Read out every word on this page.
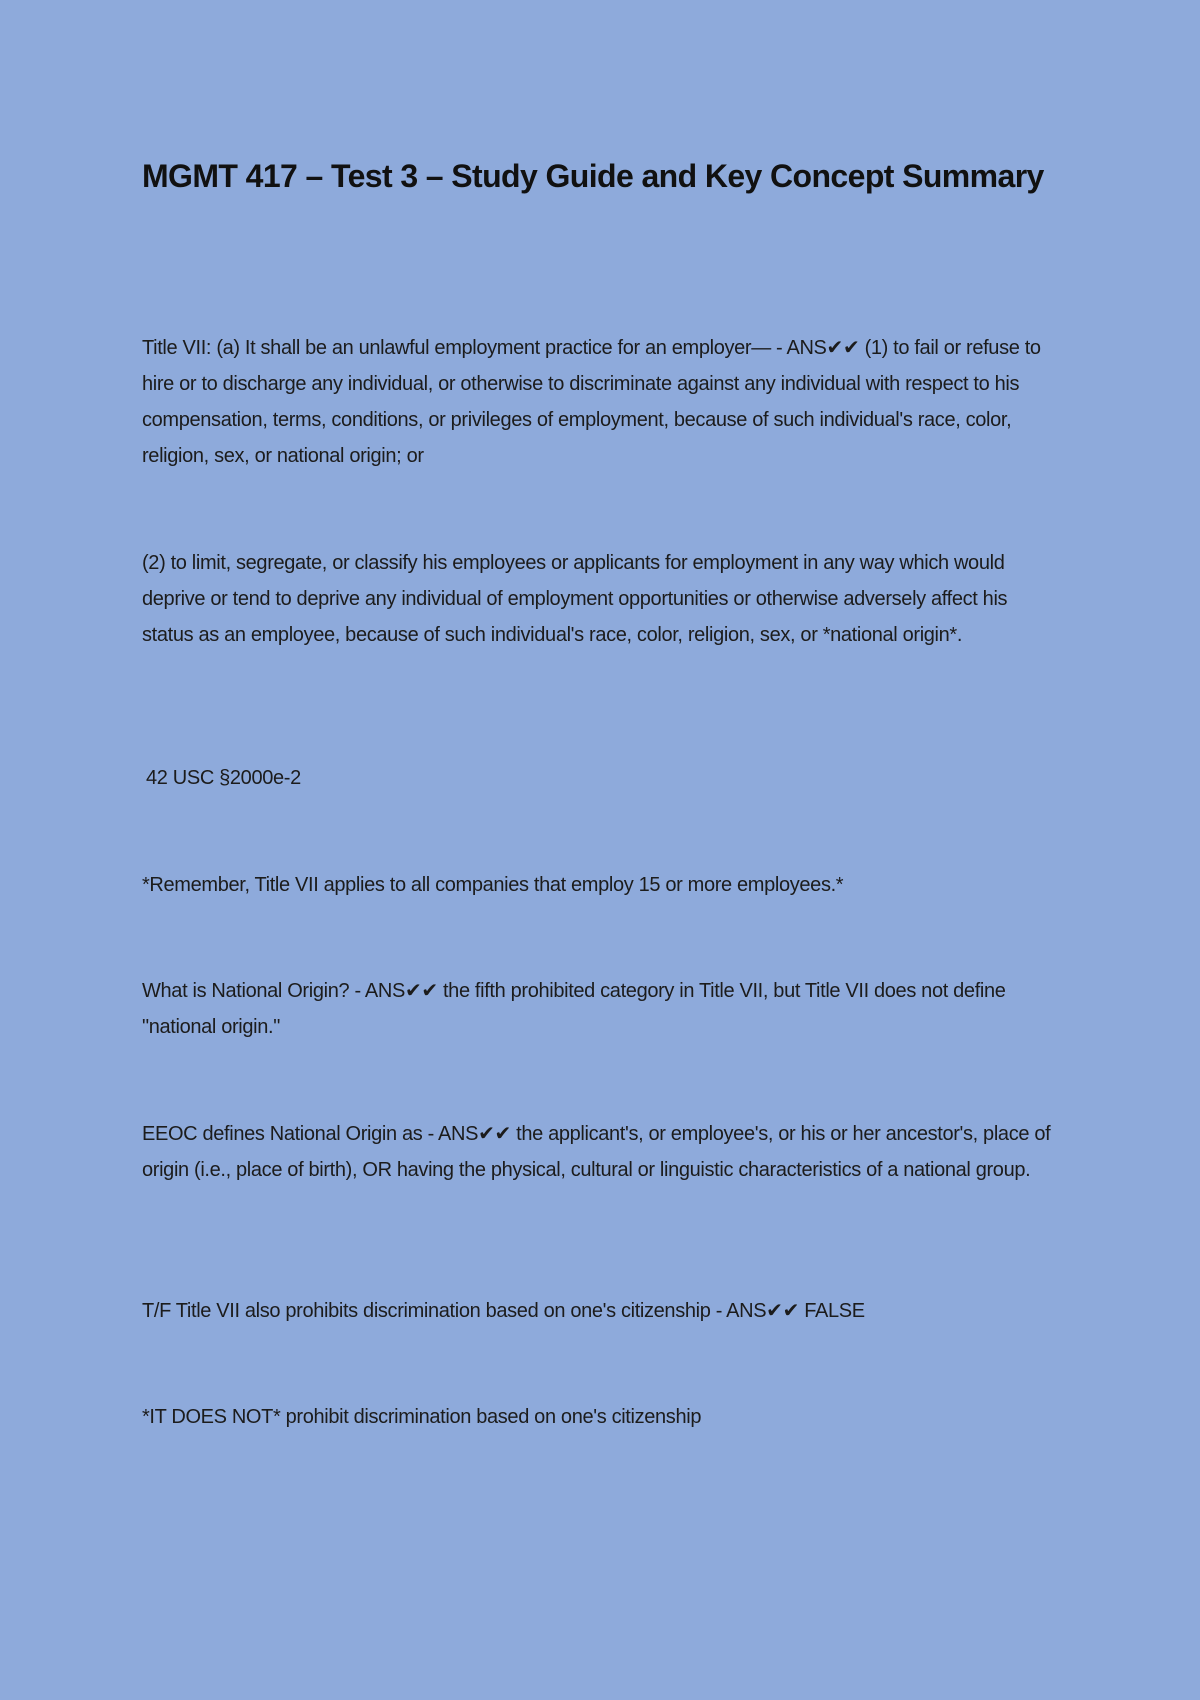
MGMT 417 – Test 3 – Study Guide and Key Concept Summary

Title VII: (a) It shall be an unlawful employment practice for an employer— - ANS✔✔ (1) to fail or refuse to hire or to discharge any individual, or otherwise to discriminate against any individual with respect to his compensation, terms, conditions, or privileges of employment, because of such individual's race, color, religion, sex, or national origin; or

(2) to limit, segregate, or classify his employees or applicants for employment in any way which would deprive or tend to deprive any individual of employment opportunities or otherwise adversely affect his status as an employee, because of such individual's race, color, religion, sex, or *national origin*.

42 USC §2000e-2

*Remember, Title VII applies to all companies that employ 15 or more employees.*

What is National Origin? - ANS✔✔ the fifth prohibited category in Title VII, but Title VII does not define "national origin."

EEOC defines National Origin as - ANS✔✔ the applicant's, or employee's, or his or her ancestor's, place of origin (i.e., place of birth), OR having the physical, cultural or linguistic characteristics of a national group.

T/F Title VII also prohibits discrimination based on one's citizenship - ANS✔✔ FALSE

*IT DOES NOT* prohibit discrimination based on one's citizenship
